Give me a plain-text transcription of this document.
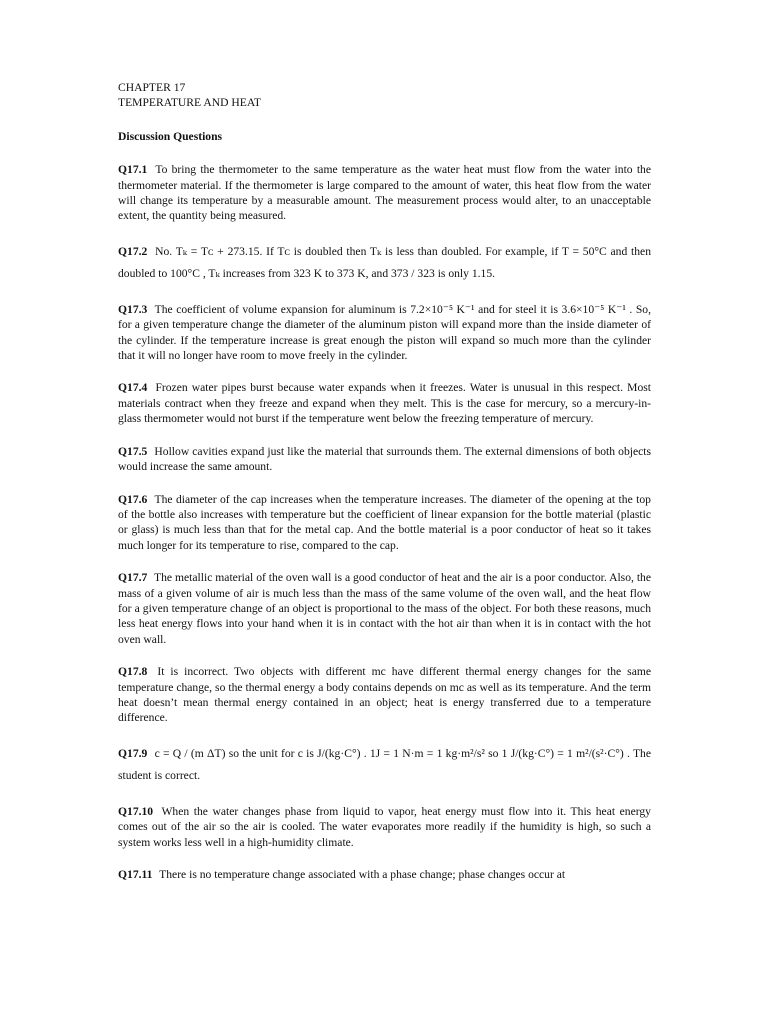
CHAPTER 17
TEMPERATURE AND HEAT
Discussion Questions
Q17.1 To bring the thermometer to the same temperature as the water heat must flow from the water into the thermometer material. If the thermometer is large compared to the amount of water, this heat flow from the water will change its temperature by a measurable amount. The measurement process would alter, to an unacceptable extent, the quantity being measured.
Q17.2 No. Tₖ = Tᴄ + 273.15. If Tᴄ is doubled then Tₖ is less than doubled. For example, if T = 50°C and then doubled to 100°C , Tₖ increases from 323 K to 373 K, and 373 / 323 is only 1.15.
Q17.3 The coefficient of volume expansion for aluminum is 7.2×10⁻⁵ K⁻¹ and for steel it is 3.6×10⁻⁵ K⁻¹ . So, for a given temperature change the diameter of the aluminum piston will expand more than the inside diameter of the cylinder. If the temperature increase is great enough the piston will expand so much more than the cylinder that it will no longer have room to move freely in the cylinder.
Q17.4 Frozen water pipes burst because water expands when it freezes. Water is unusual in this respect. Most materials contract when they freeze and expand when they melt. This is the case for mercury, so a mercury-in-glass thermometer would not burst if the temperature went below the freezing temperature of mercury.
Q17.5 Hollow cavities expand just like the material that surrounds them. The external dimensions of both objects would increase the same amount.
Q17.6 The diameter of the cap increases when the temperature increases. The diameter of the opening at the top of the bottle also increases with temperature but the coefficient of linear expansion for the bottle material (plastic or glass) is much less than that for the metal cap. And the bottle material is a poor conductor of heat so it takes much longer for its temperature to rise, compared to the cap.
Q17.7 The metallic material of the oven wall is a good conductor of heat and the air is a poor conductor. Also, the mass of a given volume of air is much less than the mass of the same volume of the oven wall, and the heat flow for a given temperature change of an object is proportional to the mass of the object. For both these reasons, much less heat energy flows into your hand when it is in contact with the hot air than when it is in contact with the hot oven wall.
Q17.8 It is incorrect. Two objects with different mc have different thermal energy changes for the same temperature change, so the thermal energy a body contains depends on mc as well as its temperature. And the term heat doesn’t mean thermal energy contained in an object; heat is energy transferred due to a temperature difference.
Q17.9 c = Q / (m ΔT) so the unit for c is J/(kg·C°) . 1J = 1 N·m = 1 kg·m²/s² so 1 J/(kg·C°) = 1 m²/(s²·C°) . The student is correct.
Q17.10 When the water changes phase from liquid to vapor, heat energy must flow into it. This heat energy comes out of the air so the air is cooled. The water evaporates more readily if the humidity is high, so such a system works less well in a high-humidity climate.
Q17.11 There is no temperature change associated with a phase change; phase changes occur at
